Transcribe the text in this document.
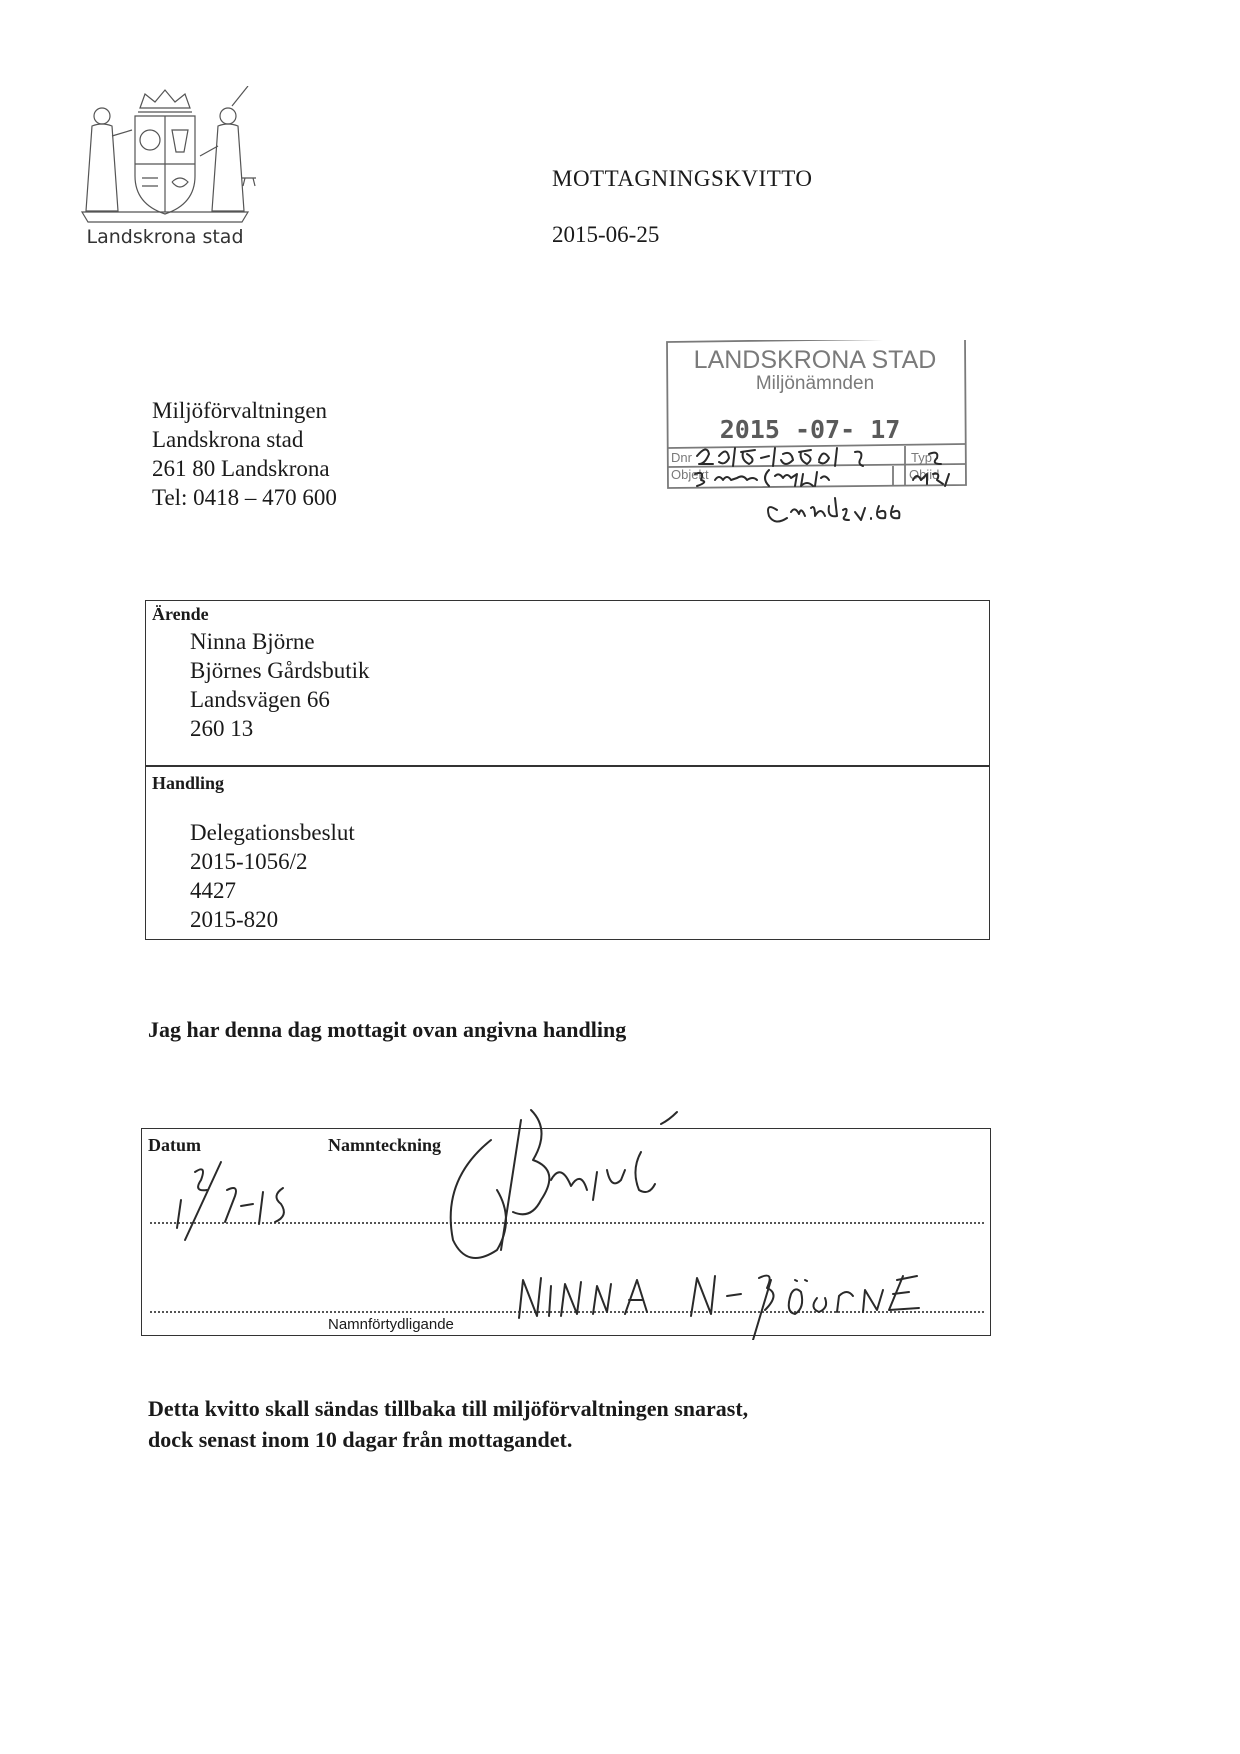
Landskrona stad
MOTTAGNINGSKVITTO
2015-06-25
Miljöförvaltningen
Landskrona stad
261 80 Landskrona
Tel: 0418 – 470 600
LANDSKRONA STAD
Miljönämnden
2015 -07- 17
Dnr	Typ
Objekt	Objid
Ärende
Ninna Björne
Björnes Gårdsbutik
Landsvägen 66
260 13
Handling
Delegationsbeslut
2015-1056/2
4427
2015-820
Jag har denna dag mottagit ovan angivna handling
Datum	Namnteckning
Namnförtydligande
Detta kvitto skall sändas tillbaka till miljöförvaltningen snarast,
dock senast inom 10 dagar från mottagandet.
